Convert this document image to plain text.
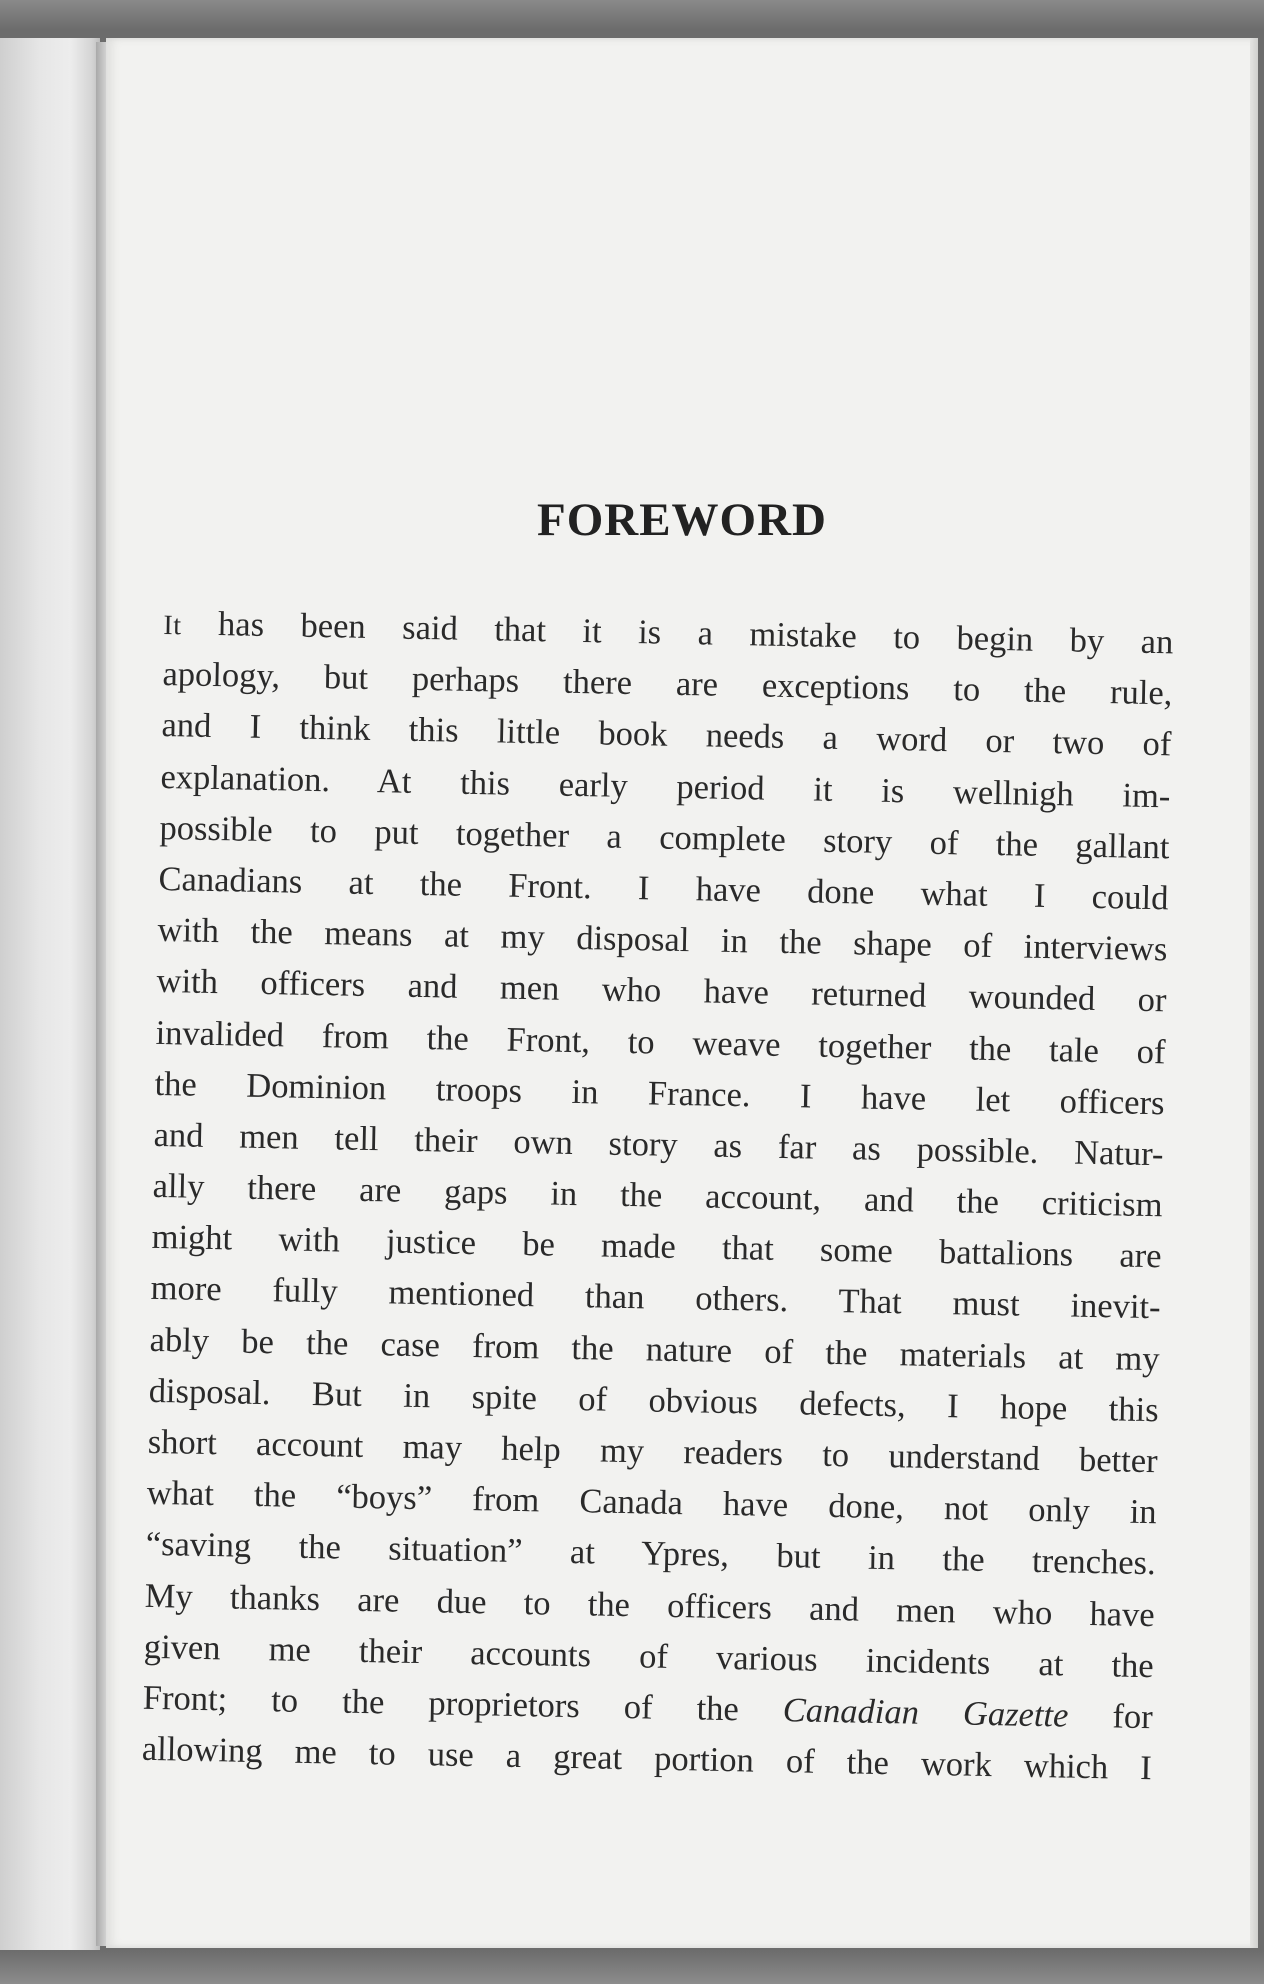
FOREWORD
It has been said that it is a mistake to begin by an
apology, but perhaps there are exceptions to the rule,
and I think this little book needs a word or two of
explanation. At this early period it is wellnigh im-
possible to put together a complete story of the gallant
Canadians at the Front. I have done what I could
with the means at my disposal in the shape of interviews
with officers and men who have returned wounded or
invalided from the Front, to weave together the tale of
the Dominion troops in France. I have let officers
and men tell their own story as far as possible. Natur-
ally there are gaps in the account, and the criticism
might with justice be made that some battalions are
more fully mentioned than others. That must inevit-
ably be the case from the nature of the materials at my
disposal. But in spite of obvious defects, I hope this
short account may help my readers to understand better
what the “boys” from Canada have done, not only in
“saving the situation” at Ypres, but in the trenches.
My thanks are due to the officers and men who have
given me their accounts of various incidents at the
Front; to the proprietors of the Canadian Gazette for
allowing me to use a great portion of the work which I
